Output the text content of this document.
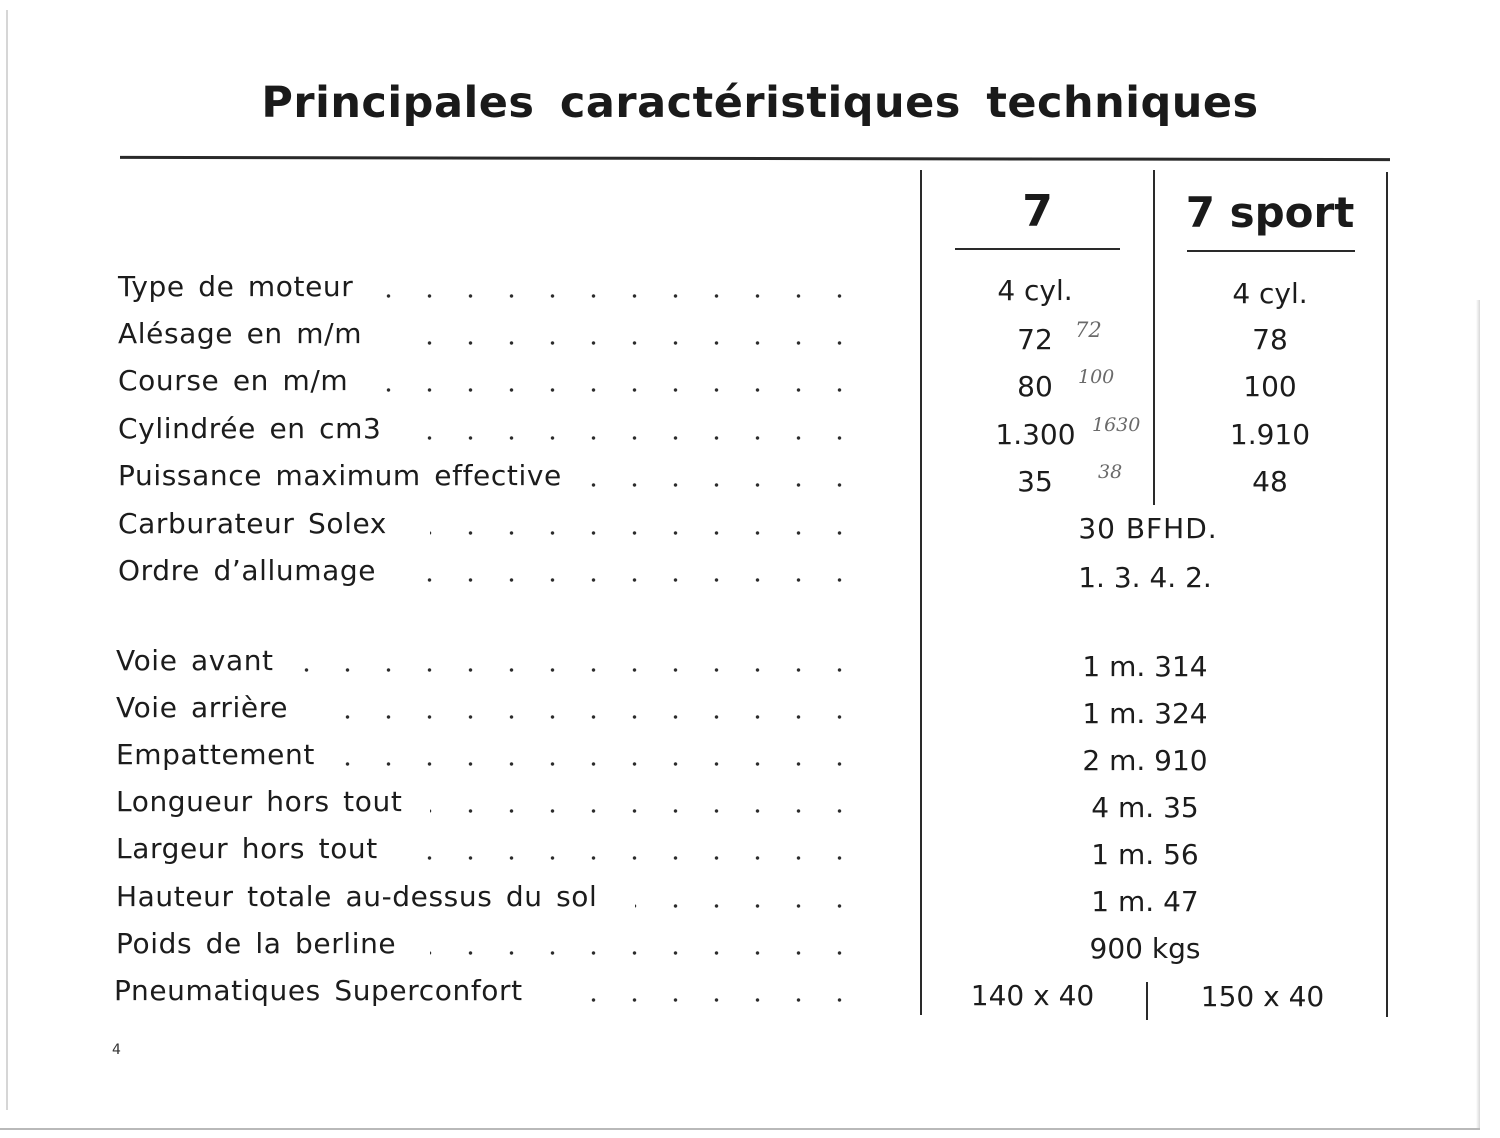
Principales caractéristiques techniques
7	7 sport
Type de moteur	4 cyl.	4 cyl.
Alésage en m/m	72	72	78
Course en m/m	80	100	100
Cylindrée en cm3	1.300 1630	1.910
Puissance maximum effective	35	38	48
Carburateur Solex	30 BFHD.
Ordre d’allumage	1. 3. 4. 2.
Voie avant	1 m. 314
Voie arrière	1 m. 324
Empattement	2 m. 910
Longueur hors tout	4 m. 35
Largeur hors tout	1 m. 56
Hauteur totale au-dessus du sol	1 m. 47
Poids de la berline	900 kgs
Pneumatiques Superconfort	140 x 40	150 x 40
4
